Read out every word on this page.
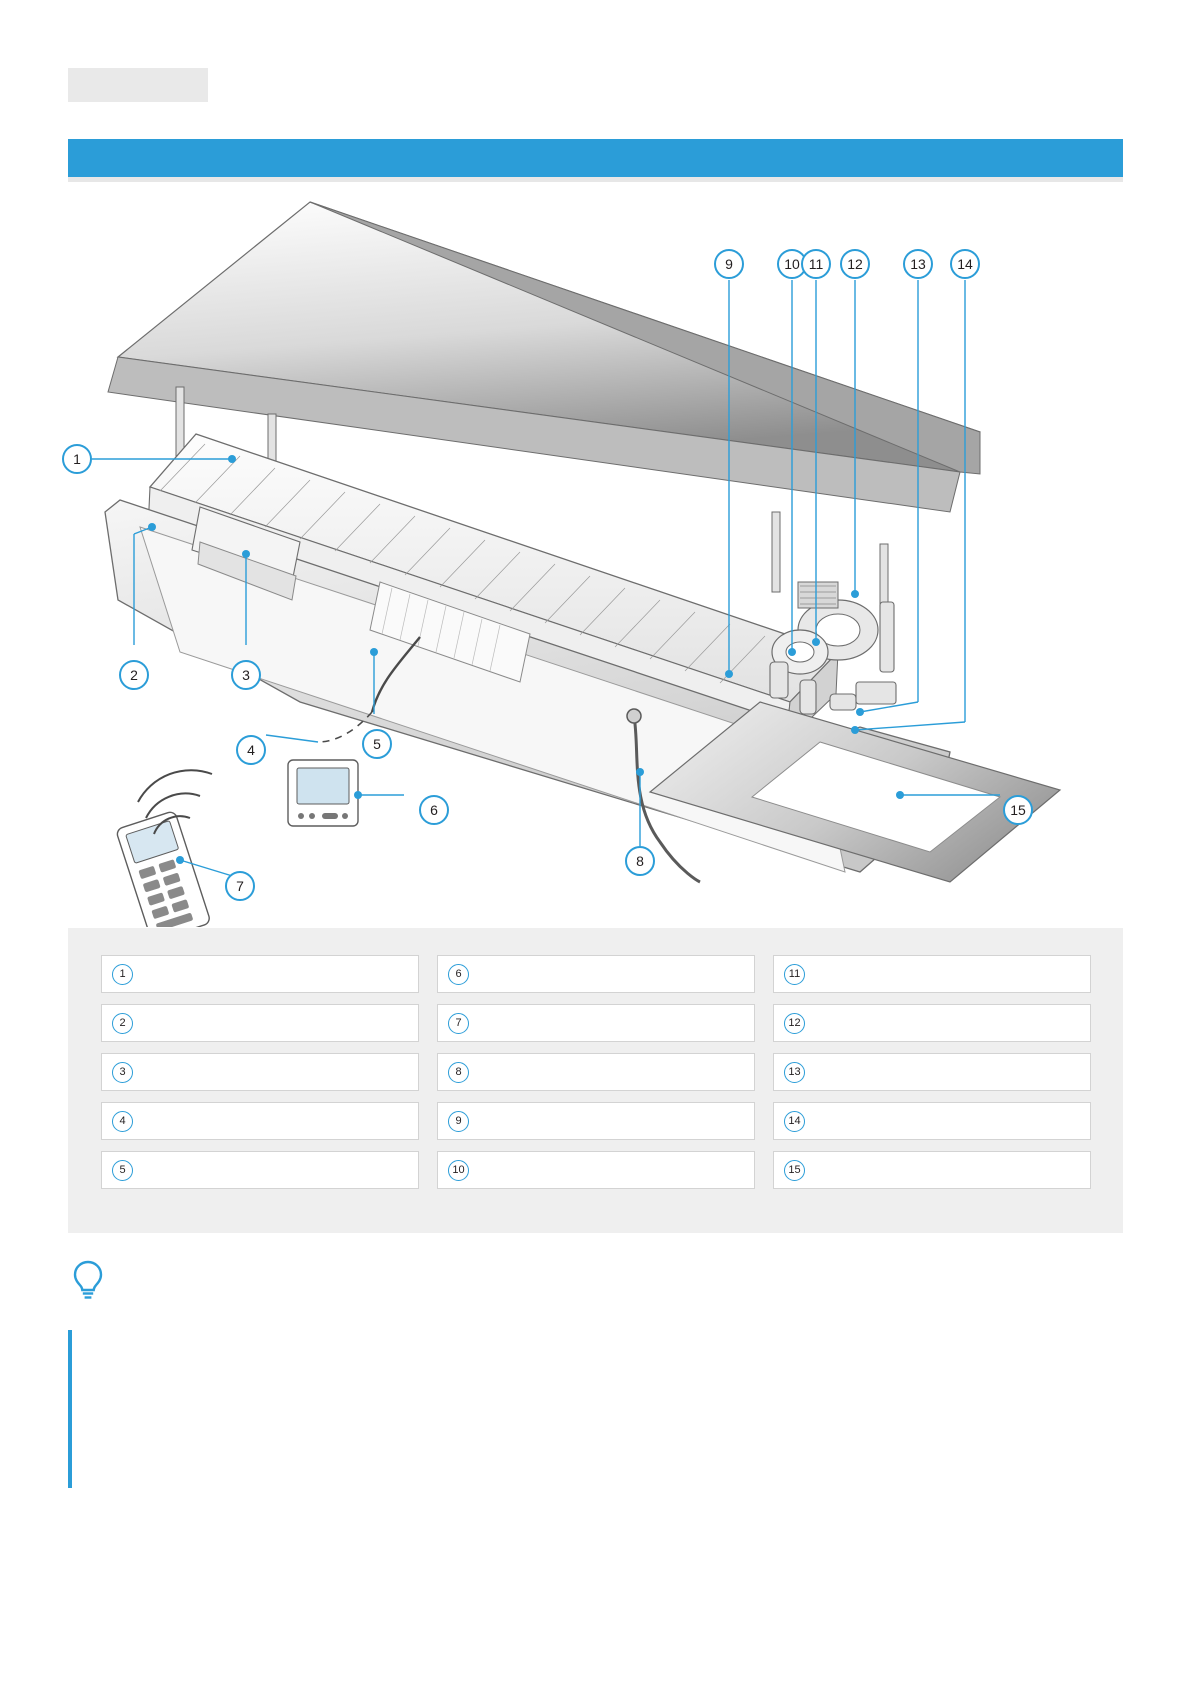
1
2	3
4	5
6
7
8
9	10 11	12	13	14
15
1	6	11
2	7	12
3	8	13
4	9	14
5	10	15
